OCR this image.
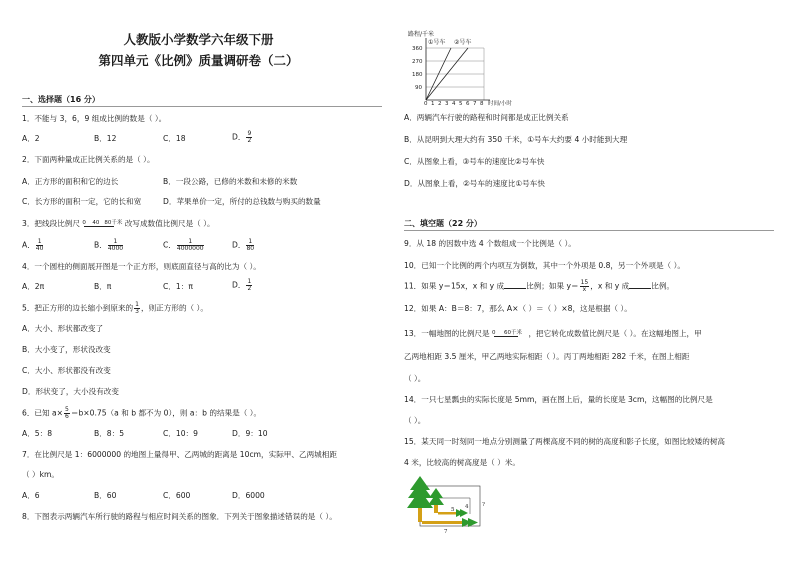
人教版小学数学六年级下册
第四单元《比例》质量调研卷（二）
一、选择题（16 分）
1．不能与 3，6，9 组成比例的数是（ ）。
A．2	B．12	C．18	D． $\frac{9}{2}$
2．下面两种量成正比例关系的是（ ）。
A．正方形的面积和它的边长	B．一段公路，已修的米数和未修的米数
C．长方形的面积一定，它的长和宽	D．苹果单价一定，所付的总钱数与购买的数量
3．把线段比例尺 0 40 80千米 改写成数值比例尺是（ ）。
A． $\frac{1}{40}$	B． $\frac{1}{4000}$	C． $\frac{1}{4000000}$	D． $\frac{1}{80}$
4．一个圆柱的侧面展开图是一个正方形，则底面直径与高的比为（ ）。
A．2π	B．π	C．1：π	D． $\frac{1}{2}$
5．把正方形的边长缩小到原来的 $\frac{1}{3}$ ，则正方形的（ ）。
A．大小、形状都改变了
B．大小变了，形状没改变
C．大小、形状都没有改变
D．形状变了，大小没有改变
6．已知 $a\times \frac{5}{6} =b\times 0.75(a$ 和 b 都不为 0），则 a：b 的结果是（ ）。
A．5：8	B．8：5	C．10：9	D．9：10
7．在比例尺是 1：6000000 的地图上量得甲、乙两城的距离是 10cm，实际甲、乙两城相距
（ ）km。
A．6	B．60	C．600	D．6000
8．下图表示两辆汽车所行驶的路程与相应时间关系的图象．下列关于图象描述错误的是（ ）。
路程/千米
①号车 ②号车
360
270
180
90
0 1 2 3 4 5 6 7 8 时间/小时
A．两辆汽车行驶的路程和时间都是成正比例关系
B．从昆明到大理大约有 350 千米，①号车大约要 4 小时能到大理
C．从图象上看，③号车的速度比②号车快
D．从图象上看，②号车的速度比①号车快
二、填空题（22 分）
9．从 18 的因数中选 4 个数组成一个比例是（ ）。
10．已知一个比例的两个内项互为倒数，其中一个外项是 0.8，另一个外项是（ ）。
11．如果 y＝15x，x 和 y 成	比例；如果 $y= \frac{15}{x}$ ，x 和 y 成	比例。
12．如果 A：B＝8：7，那么 A×（ ）＝（ ）×8，这是根据（ ）。
13．一幅地图的比例尺是 0 60千米 ，把它转化成数值比例尺是（ ）。在这幅地图上，甲
乙两地相距 3.5 厘米，甲乙两地实际相距（ ）。丙丁两地相距 282 千米，在图上相距
（ ）。
14．一只七星瓢虫的实际长度是 5mm，画在图上后，量的长度是 3cm，这幅图的比例尺是
（ ）。
15．某天同一时刻同一地点分别测量了两棵高度不同的树的高度和影子长度，如图比较矮的树高
4 米，比较高的树高度是（ ）米。
4
5
?
7
